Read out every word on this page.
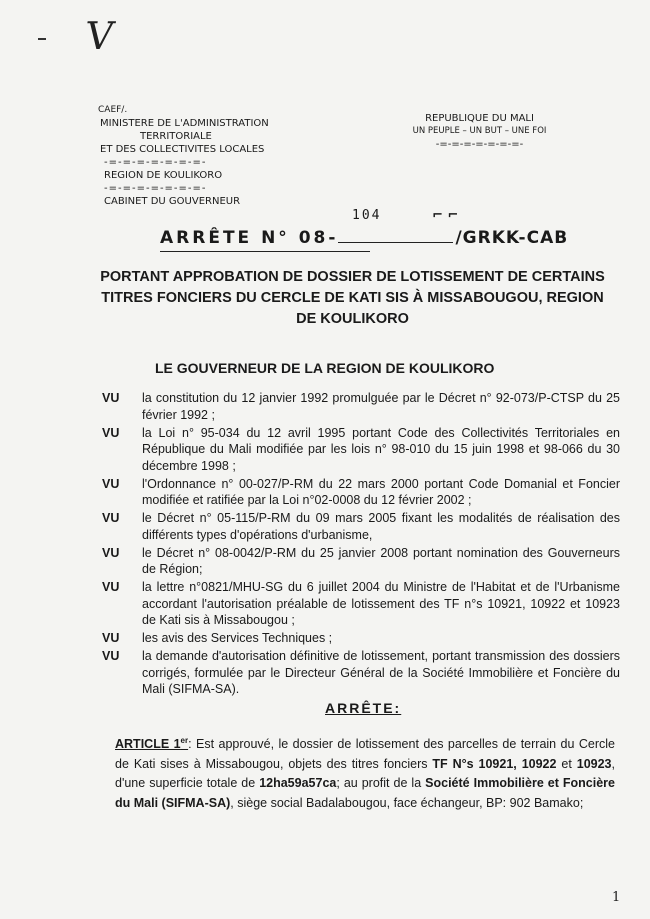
V
CAEF/.
MINISTERE DE L'ADMINISTRATION
TERRITORIALE
ET DES COLLECTIVITES LOCALES
-=-=-=-=-=-=-=-
REGION DE KOULIKORO
-=-=-=-=-=-=-=-
CABINET DU GOUVERNEUR
REPUBLIQUE DU MALI
UN PEUPLE – UN BUT – UNE FOI
-=-=-=-=-=-=-=-
104	⌐ ⌐
ARRÊTE N° 08-	/GRKK-CAB
PORTANT APPROBATION DE DOSSIER DE LOTISSEMENT DE CERTAINS TITRES FONCIERS DU CERCLE DE KATI SIS À MISSABOUGOU, REGION DE KOULIKORO
LE GOUVERNEUR DE LA REGION DE KOULIKORO
VU	la constitution du 12 janvier 1992 promulguée par le Décret n° 92-073/P-CTSP du 25 février 1992 ;
VU	la Loi n° 95-034 du 12 avril 1995 portant Code des Collectivités Territoriales en République du Mali modifiée par les lois n° 98-010 du 15 juin 1998 et 98-066 du 30 décembre 1998 ;
VU	l'Ordonnance n° 00-027/P-RM du 22 mars 2000 portant Code Domanial et Foncier modifiée et ratifiée par la Loi n°02-0008 du 12 février 2002 ;
VU	le Décret n° 05-115/P-RM du 09 mars 2005 fixant les modalités de réalisation des différents types d'opérations d'urbanisme,
VU	le Décret n° 08-0042/P-RM du 25 janvier 2008 portant nomination des Gouverneurs de Région;
VU	la lettre n°0821/MHU-SG du 6 juillet 2004 du Ministre de l'Habitat et de l'Urbanisme accordant l'autorisation préalable de lotissement des TF n°s 10921, 10922 et 10923 de Kati sis à Missabougou ;
VU	les avis des Services Techniques ;
VU	la demande d'autorisation définitive de lotissement, portant transmission des dossiers corrigés, formulée par le Directeur Général de la Société Immobilière et Foncière du Mali (SIFMA-SA).
ARRÊTE:
ARTICLE 1er: Est approuvé, le dossier de lotissement des parcelles de terrain du Cercle de Kati sises à Missabougou, objets des titres fonciers TF N°s 10921, 10922 et 10923, d'une superficie totale de 12ha59a57ca; au profit de la Société Immobilière et Foncière du Mali (SIFMA-SA), siège social Badalabougou, face échangeur, BP: 902 Bamako;
1
